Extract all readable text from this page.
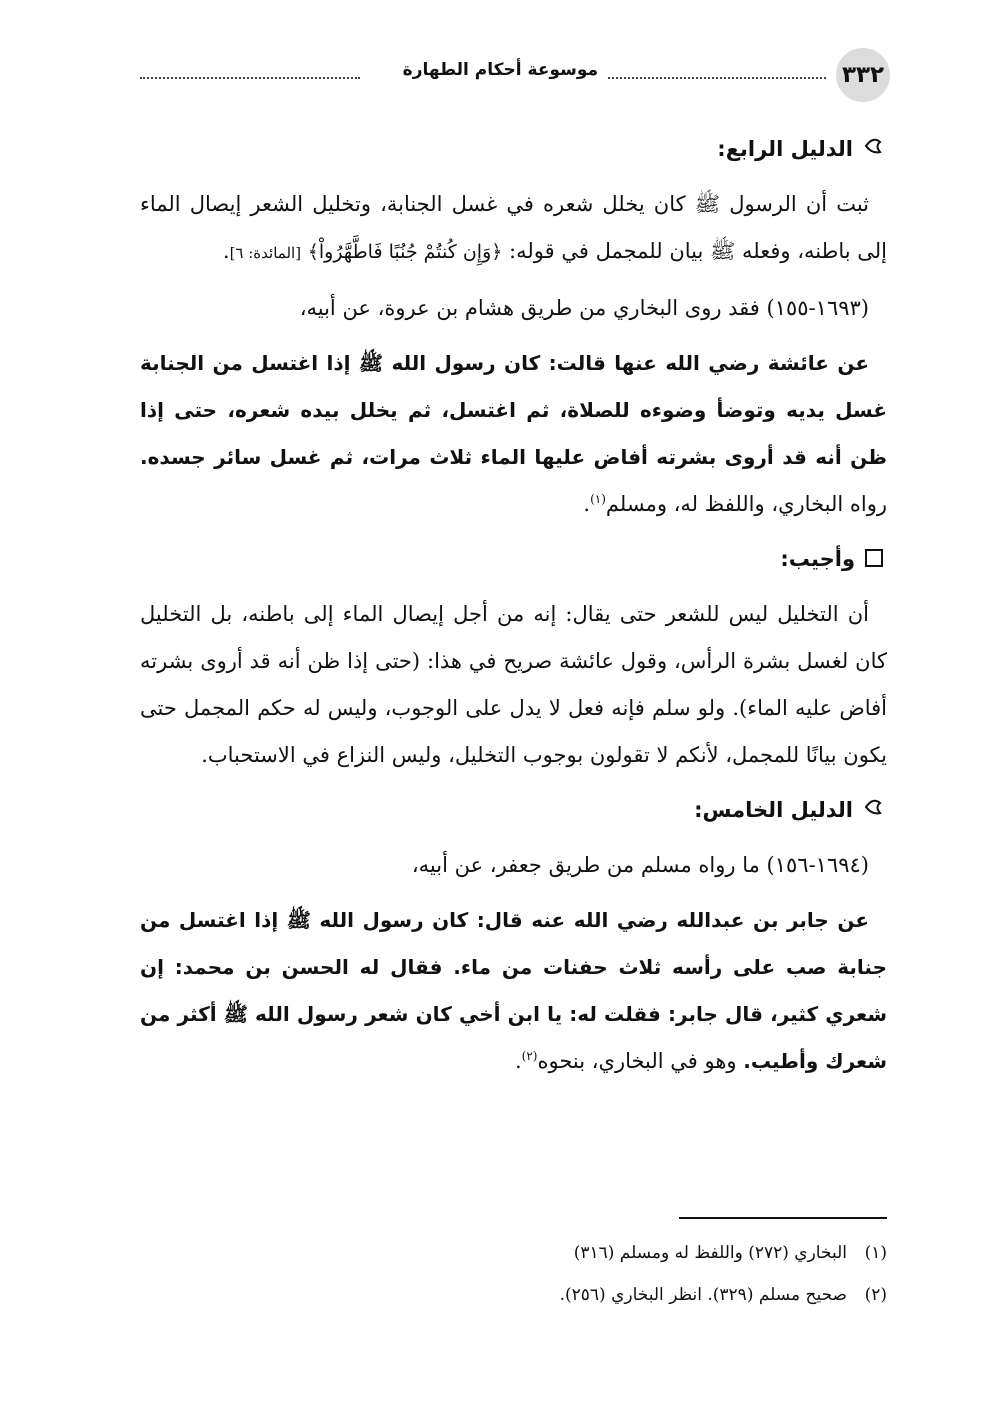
٣٣٢
موسوعة أحكام الطهارة
الدليل الرابع:

ثبت أن الرسول ﷺ كان يخلل شعره في غسل الجنابة، وتخليل الشعر إيصال الماء إلى باطنه، وفعله ﷺ بيان للمجمل في قوله: ﴿وَإِن كُنتُمْ جُنُبًا فَاطَّهَّرُواْ﴾ [المائدة: ٦].

(١٦٩٣-١٥٥) فقد روى البخاري من طريق هشام بن عروة، عن أبيه،

عن عائشة رضي الله عنها قالت: كان رسول الله ﷺ إذا اغتسل من الجنابة غسل يديه وتوضأ وضوءه للصلاة، ثم اغتسل، ثم يخلل بيده شعره، حتى إذا ظن أنه قد أروى بشرته أفاض عليها الماء ثلاث مرات، ثم غسل سائر جسده. رواه البخاري، واللفظ له، ومسلم$^{(١)}$.

وأجيب:

أن التخليل ليس للشعر حتى يقال: إنه من أجل إيصال الماء إلى باطنه، بل التخليل كان لغسل بشرة الرأس، وقول عائشة صريح في هذا: (حتى إذا ظن أنه قد أروى بشرته أفاض عليه الماء). ولو سلم فإنه فعل لا يدل على الوجوب، وليس له حكم المجمل حتى يكون بيانًا للمجمل، لأنكم لا تقولون بوجوب التخليل، وليس النزاع في الاستحباب.

الدليل الخامس:

(١٦٩٤-١٥٦) ما رواه مسلم من طريق جعفر، عن أبيه،

عن جابر بن عبدالله رضي الله عنه قال: كان رسول الله ﷺ إذا اغتسل من جنابة صب على رأسه ثلاث حفنات من ماء. فقال له الحسن بن محمد: إن شعري كثير، قال جابر: فقلت له: يا ابن أخي كان شعر رسول الله ﷺ أكثر من شعرك وأطيب. وهو في البخاري، بنحوه$^{(٢)}$.

(١)البخاري (٢٧٢) واللفظ له ومسلم (٣١٦)
(٢)صحيح مسلم (٣٢٩). انظر البخاري (٢٥٦).
